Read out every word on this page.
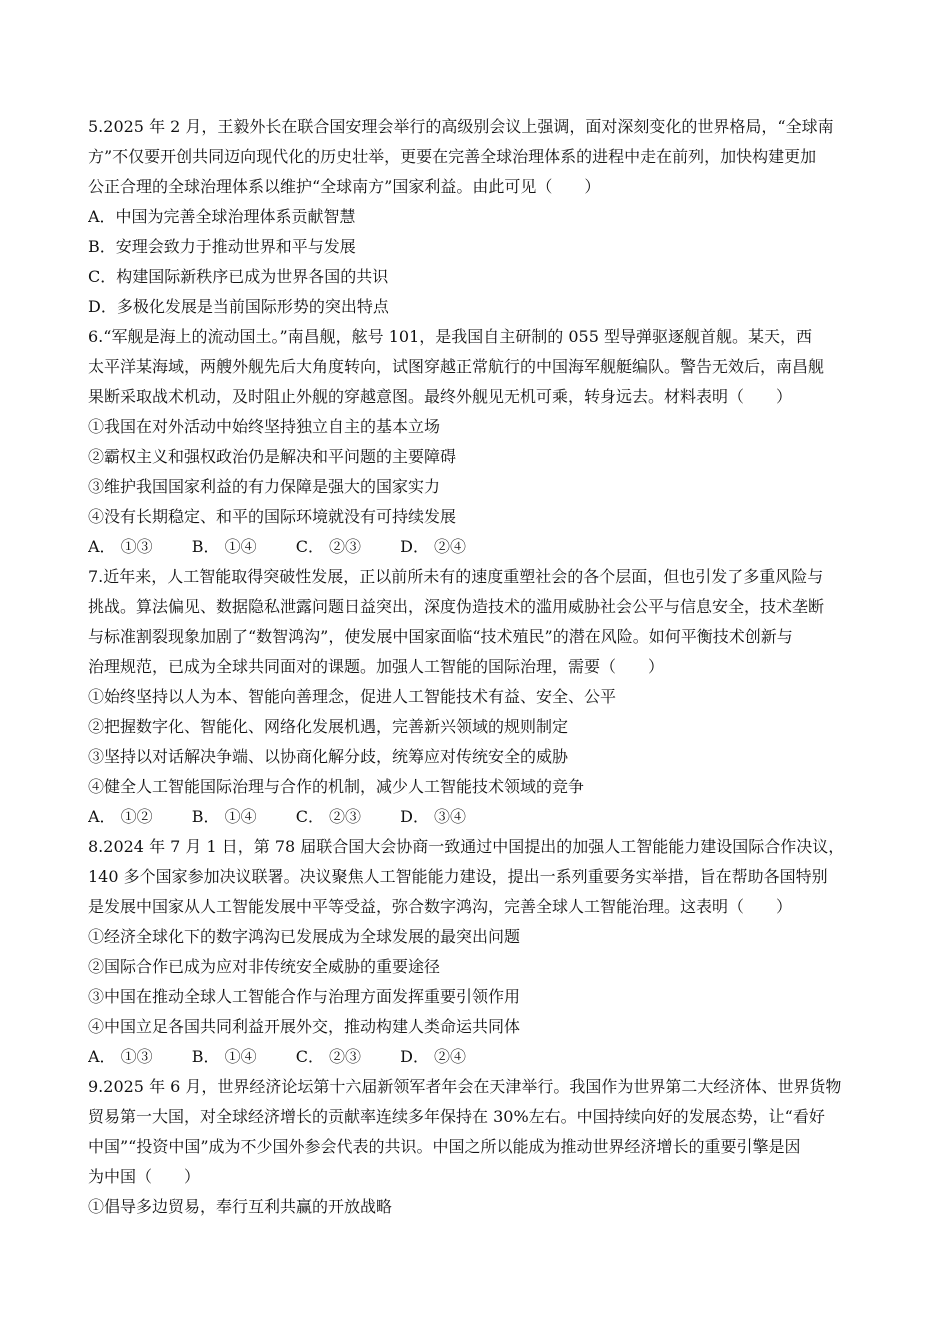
5.2025 年 2 月，王毅外长在联合国安理会举行的高级别会议上强调，面对深刻变化的世界格局，“全球南
方”不仅要开创共同迈向现代化的历史壮举，更要在完善全球治理体系的进程中走在前列，加快构建更加
公正合理的全球治理体系以维护“全球南方”国家利益。由此可见（　　）
A．中国为完善全球治理体系贡献智慧
B．安理会致力于推动世界和平与发展
C．构建国际新秩序已成为世界各国的共识
D．多极化发展是当前国际形势的突出特点
6.“军舰是海上的流动国土。”南昌舰，舷号 101，是我国自主研制的 055 型导弹驱逐舰首舰。某天，西
太平洋某海域，两艘外舰先后大角度转向，试图穿越正常航行的中国海军舰艇编队。警告无效后，南昌舰
果断采取战术机动，及时阻止外舰的穿越意图。最终外舰见无机可乘，转身远去。材料表明（　　）
①我国在对外活动中始终坚持独立自主的基本立场
②霸权主义和强权政治仍是解决和平问题的主要障碍
③维护我国国家利益的有力保障是强大的国家实力
④没有长期稳定、和平的国际环境就没有可持续发展
A． ①③ B． ①④ C． ②③ D． ②④
7.近年来，人工智能取得突破性发展，正以前所未有的速度重塑社会的各个层面，但也引发了多重风险与
挑战。算法偏见、数据隐私泄露问题日益突出，深度伪造技术的滥用威胁社会公平与信息安全，技术垄断
与标准割裂现象加剧了“数智鸿沟”，使发展中国家面临“技术殖民”的潜在风险。如何平衡技术创新与
治理规范，已成为全球共同面对的课题。加强人工智能的国际治理，需要（　　）
①始终坚持以人为本、智能向善理念，促进人工智能技术有益、安全、公平
②把握数字化、智能化、网络化发展机遇，完善新兴领域的规则制定
③坚持以对话解决争端、以协商化解分歧，统筹应对传统安全的威胁
④健全人工智能国际治理与合作的机制，减少人工智能技术领域的竞争
A． ①② B． ①④ C． ②③ D． ③④
8.2024 年 7 月 1 日，第 78 届联合国大会协商一致通过中国提出的加强人工智能能力建设国际合作决议，
140 多个国家参加决议联署。决议聚焦人工智能能力建设，提出一系列重要务实举措，旨在帮助各国特别
是发展中国家从人工智能发展中平等受益，弥合数字鸿沟，完善全球人工智能治理。这表明（　　）
①经济全球化下的数字鸿沟已发展成为全球发展的最突出问题
②国际合作已成为应对非传统安全威胁的重要途径
③中国在推动全球人工智能合作与治理方面发挥重要引领作用
④中国立足各国共同利益开展外交，推动构建人类命运共同体
A． ①③ B． ①④ C． ②③ D． ②④
9.2025 年 6 月，世界经济论坛第十六届新领军者年会在天津举行。我国作为世界第二大经济体、世界货物
贸易第一大国，对全球经济增长的贡献率连续多年保持在 30%左右。中国持续向好的发展态势，让“看好
中国”“投资中国”成为不少国外参会代表的共识。中国之所以能成为推动世界经济增长的重要引擎是因
为中国（　　）
①倡导多边贸易，奉行互利共赢的开放战略
